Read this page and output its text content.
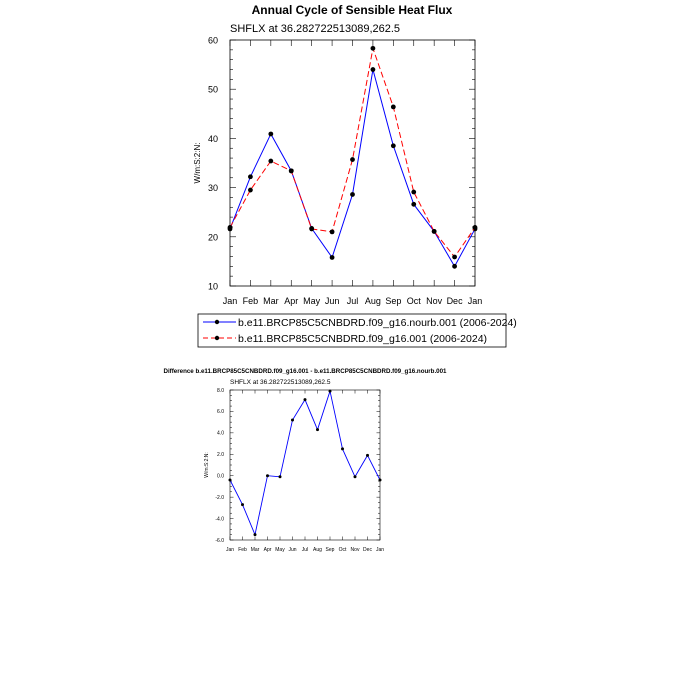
Annual Cycle of Sensible Heat Flux
SHFLX at 36.282722513089,262.5
W/m:S:2:N:
Jan Feb Mar Apr May Jun Jul Aug Sep Oct Nov Dec Jan
10
20
30
40
50
60
b.e11.BRCP85C5CNBDRD.f09_g16.nourb.001 (2006-2024)
b.e11.BRCP85C5CNBDRD.f09_g16.001 (2006-2024)
Difference b.e11.BRCP85C5CNBDRD.f09_g16.001 - b.e11.BRCP85C5CNBDRD.f09_g16.nourb.001
SHFLX at 36.282722513089,262.5
W/m:S:2:N:
Jan Feb Mar Apr May Jun Jul Aug Sep Oct Nov Dec Jan
-6.0
-4.0
-2.0
0.0
2.0
4.0
6.0
8.0
